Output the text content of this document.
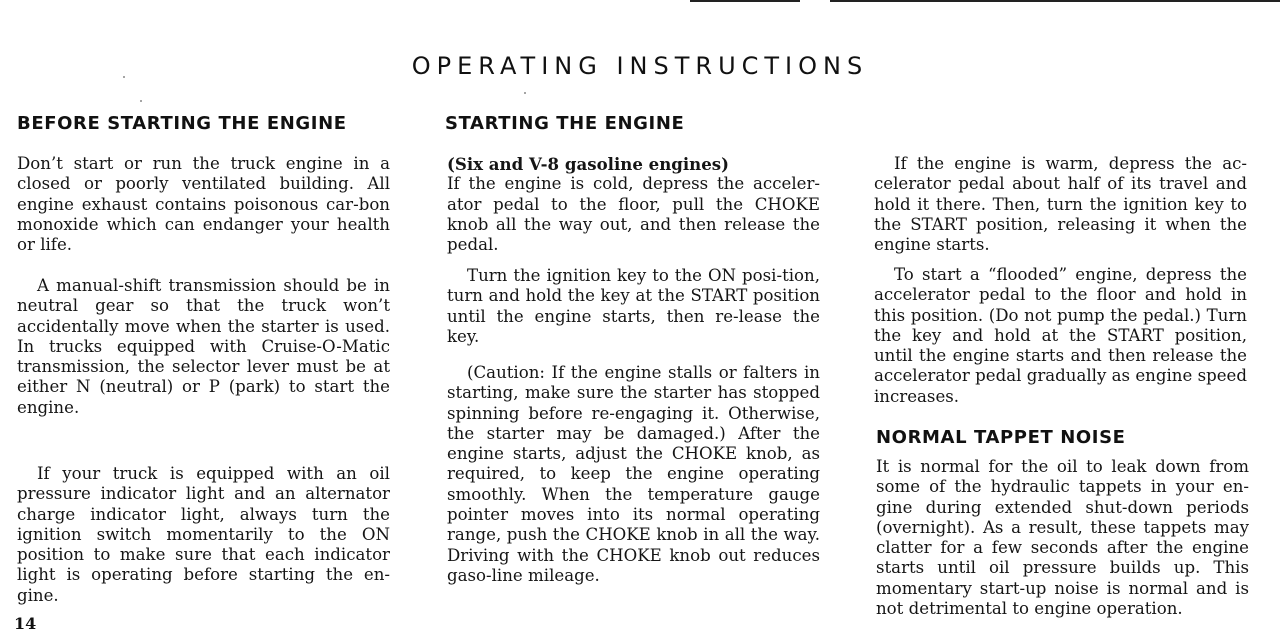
OPERATING INSTRUCTIONS
BEFORE STARTING THE ENGINE

Don’t start or run the truck engine in a closed or poorly ventilated building. All engine exhaust contains poisonous car-bon monoxide which can endanger your health or life.

A manual-shift transmission should be in neutral gear so that the truck won’t accidentally move when the starter is used. In trucks equipped with Cruise-O-Matic transmission, the selector lever must be at either N (neutral) or P (park) to start the engine.

If your truck is equipped with an oil pressure indicator light and an alternator charge indicator light, always turn the ignition switch momentarily to the ON position to make sure that each indicator light is operating before starting the en-gine.

STARTING THE ENGINE

(Six and V-8 gasoline engines)
If the engine is cold, depress the acceler-ator pedal to the floor, pull the CHOKE knob all the way out, and then release the pedal.

Turn the ignition key to the ON posi-tion, turn and hold the key at the START position until the engine starts, then re-lease the key.

(Caution: If the engine stalls or falters in starting, make sure the starter has stopped spinning before re-engaging it. Otherwise, the starter may be damaged.) After the engine starts, adjust the CHOKE knob, as required, to keep the engine operating smoothly. When the temperature gauge pointer moves into its normal operating range, push the CHOKE knob in all the way. Driving with the CHOKE knob out reduces gaso-line mileage.

If the engine is warm, depress the ac-celerator pedal about half of its travel and hold it there. Then, turn the ignition key to the START position, releasing it when the engine starts.

To start a “flooded” engine, depress the accelerator pedal to the floor and hold in this position. (Do not pump the pedal.) Turn the key and hold at the START position, until the engine starts and then release the accelerator pedal gradually as engine speed increases.

NORMAL TAPPET NOISE

It is normal for the oil to leak down from some of the hydraulic tappets in your en-gine during extended shut-down periods (overnight). As a result, these tappets may clatter for a few seconds after the engine starts until oil pressure builds up. This momentary start-up noise is normal and is not detrimental to engine operation.

14
